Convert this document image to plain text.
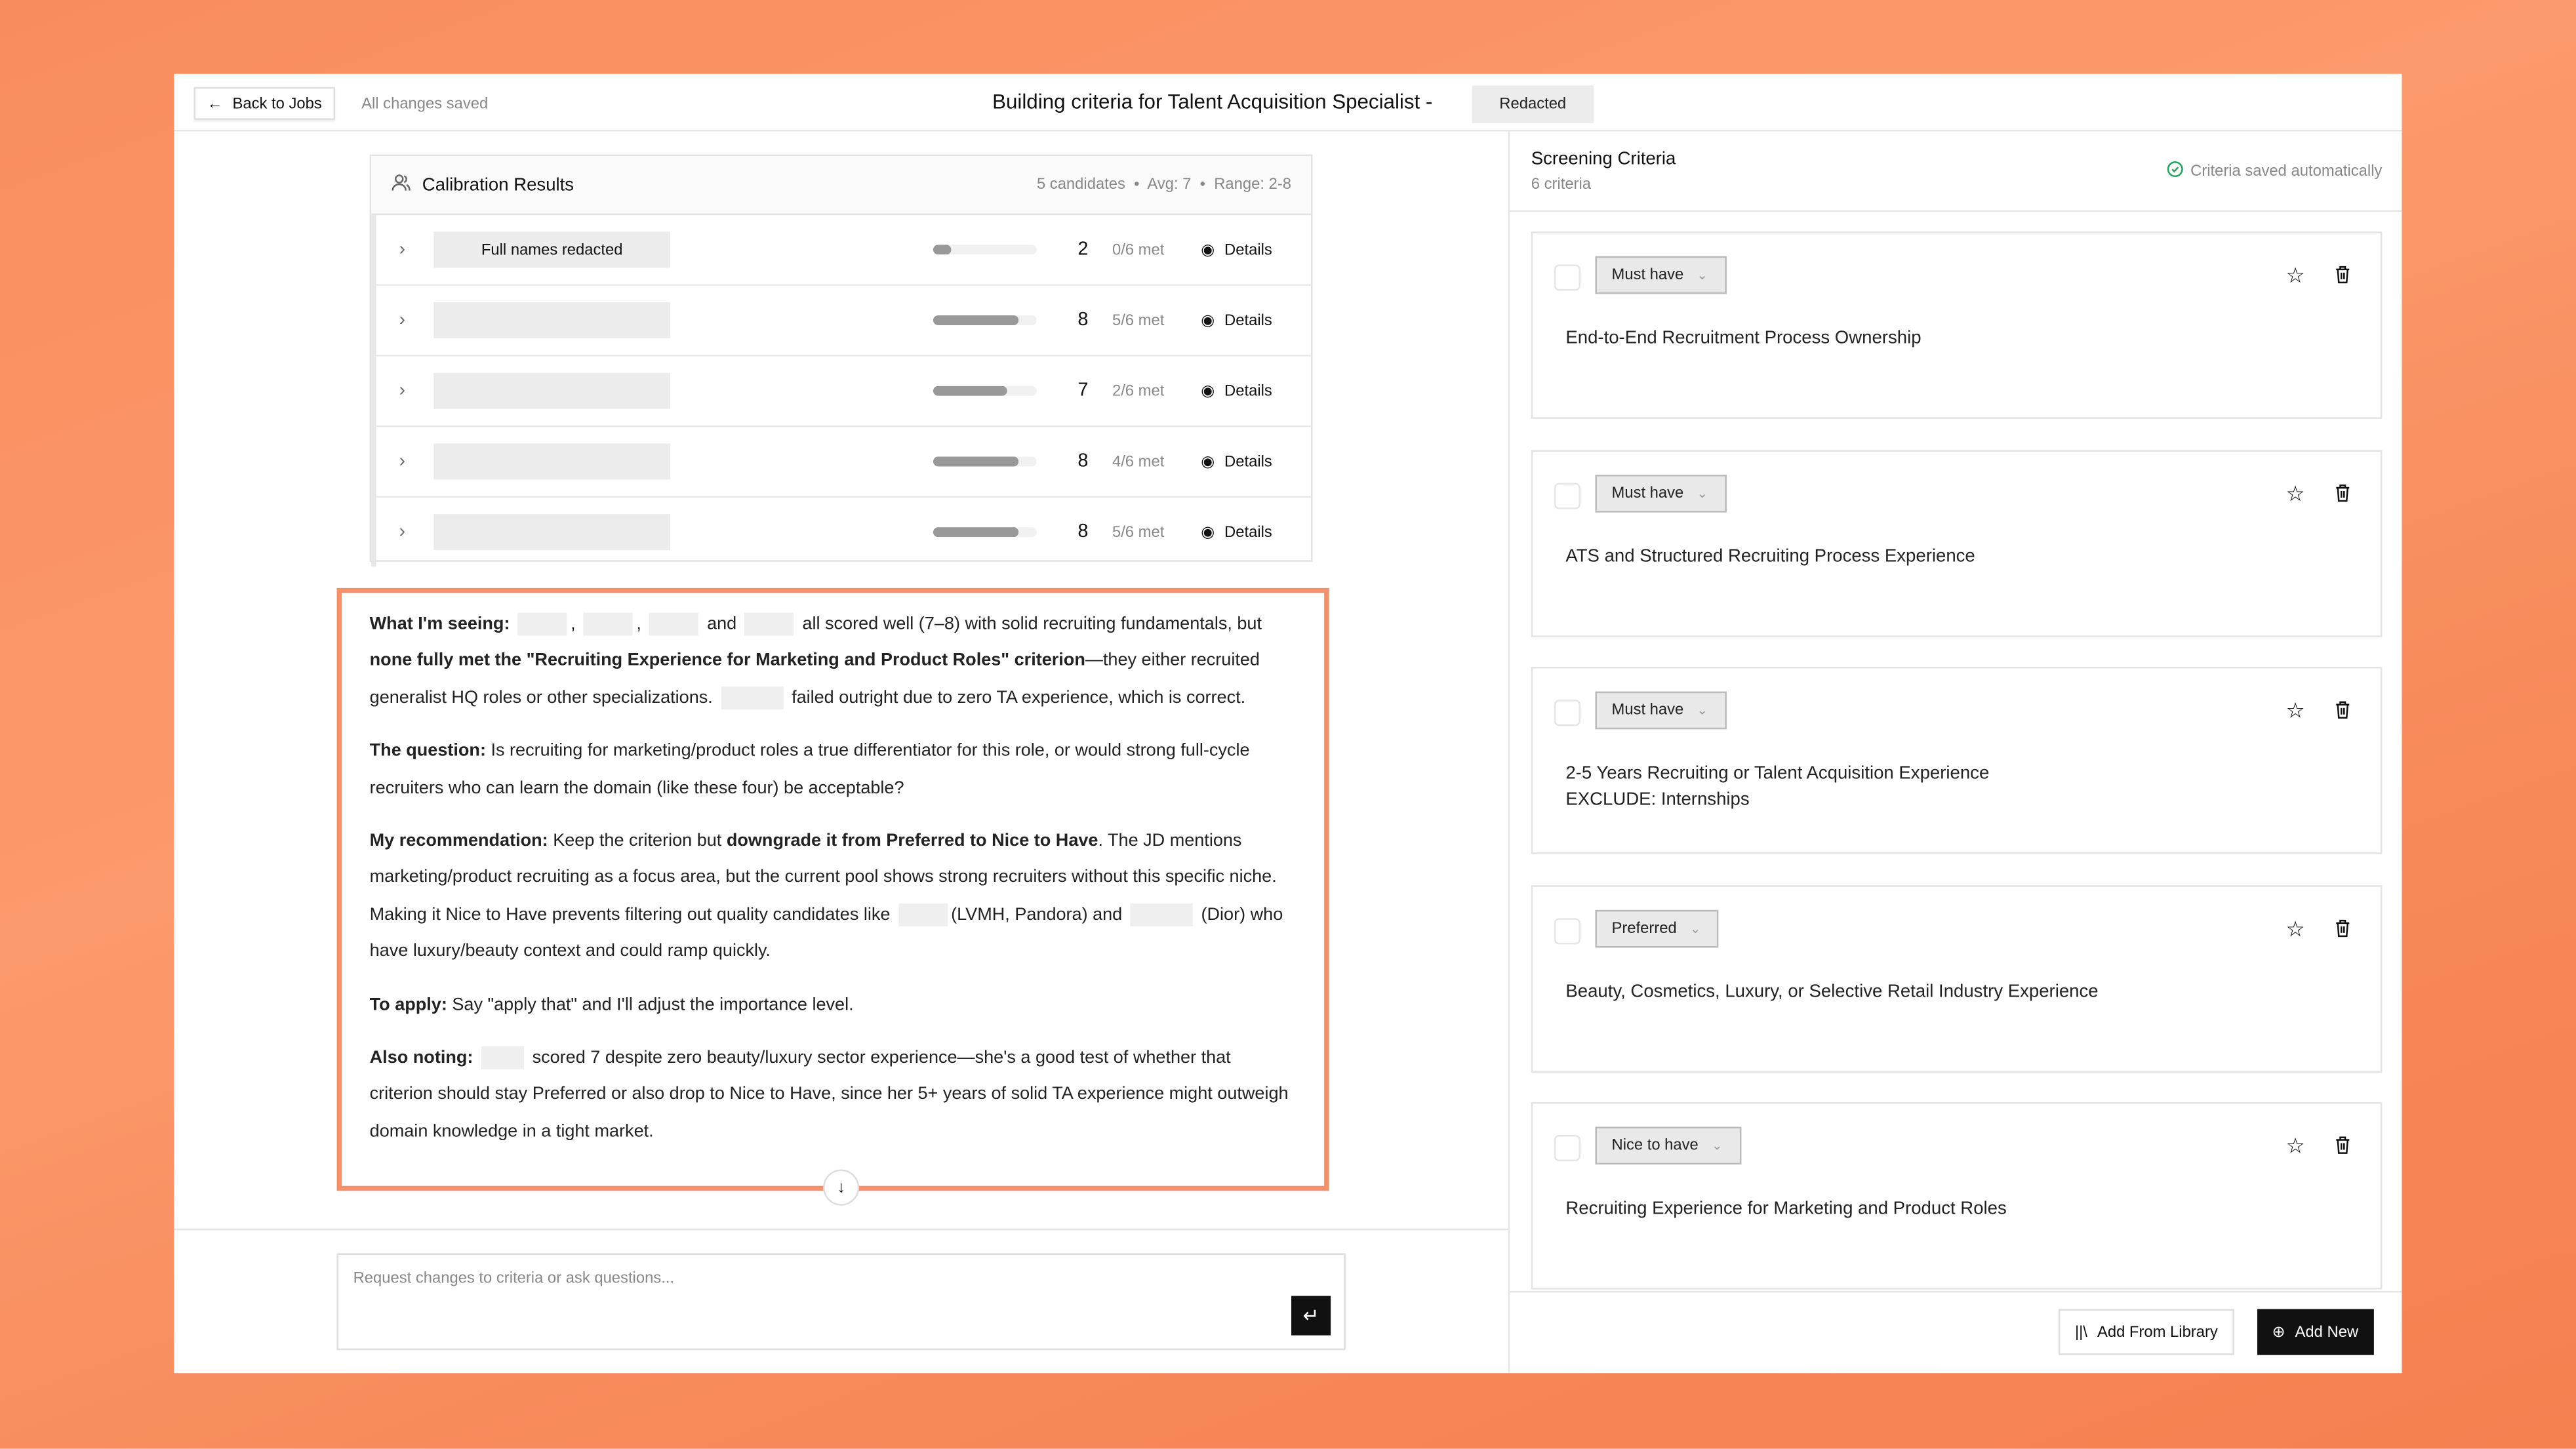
← Back to Jobs	All changes saved	Building criteria for Talent Acquisition Specialist -	Redacted
Calibration Results	5 candidates  •  Avg: 7  •  Range: 2-8
›	Full names redacted	2	0/6 met	◉ Details
›	8	5/6 met	◉ Details
›	7	2/6 met	◉ Details
›	8	4/6 met	◉ Details
›	8	5/6 met	◉ Details

What I'm seeing:	,	,	and	all scored well (7–8) with solid recruiting fundamentals, but none fully met the "Recruiting Experience for Marketing and Product Roles" criterion—they either recruited generalist HQ roles or other specializations.	failed outright due to zero TA experience, which is correct.

The question: Is recruiting for marketing/product roles a true differentiator for this role, or would strong full-cycle recruiters who can learn the domain (like these four) be acceptable?

My recommendation: Keep the criterion but downgrade it from Preferred to Nice to Have. The JD mentions marketing/product recruiting as a focus area, but the current pool shows strong recruiters without this specific niche. Making it Nice to Have prevents filtering out quality candidates like	(LVMH, Pandora) and	(Dior) who have luxury/beauty context and could ramp quickly.

To apply: Say "apply that" and I'll adjust the importance level.

Also noting:	scored 7 despite zero beauty/luxury sector experience—she's a good test of whether that criterion should stay Preferred or also drop to Nice to Have, since her 5+ years of solid TA experience might outweigh domain knowledge in a tight market.

↓
Request changes to criteria or ask questions...
↵
Screening Criteria
6 criteria
Criteria saved automatically
Must have	⌄	☆
End-to-End Recruitment Process Ownership
Must have	⌄	☆
ATS and Structured Recruiting Process Experience
Must have	⌄	☆
2-5 Years Recruiting or Talent Acquisition Experience
EXCLUDE: Internships
Preferred	⌄	☆
Beauty, Cosmetics, Luxury, or Selective Retail Industry Experience
Nice to have	⌄	☆
Recruiting Experience for Marketing and Product Roles
||\ Add From Library	⊕ Add New
